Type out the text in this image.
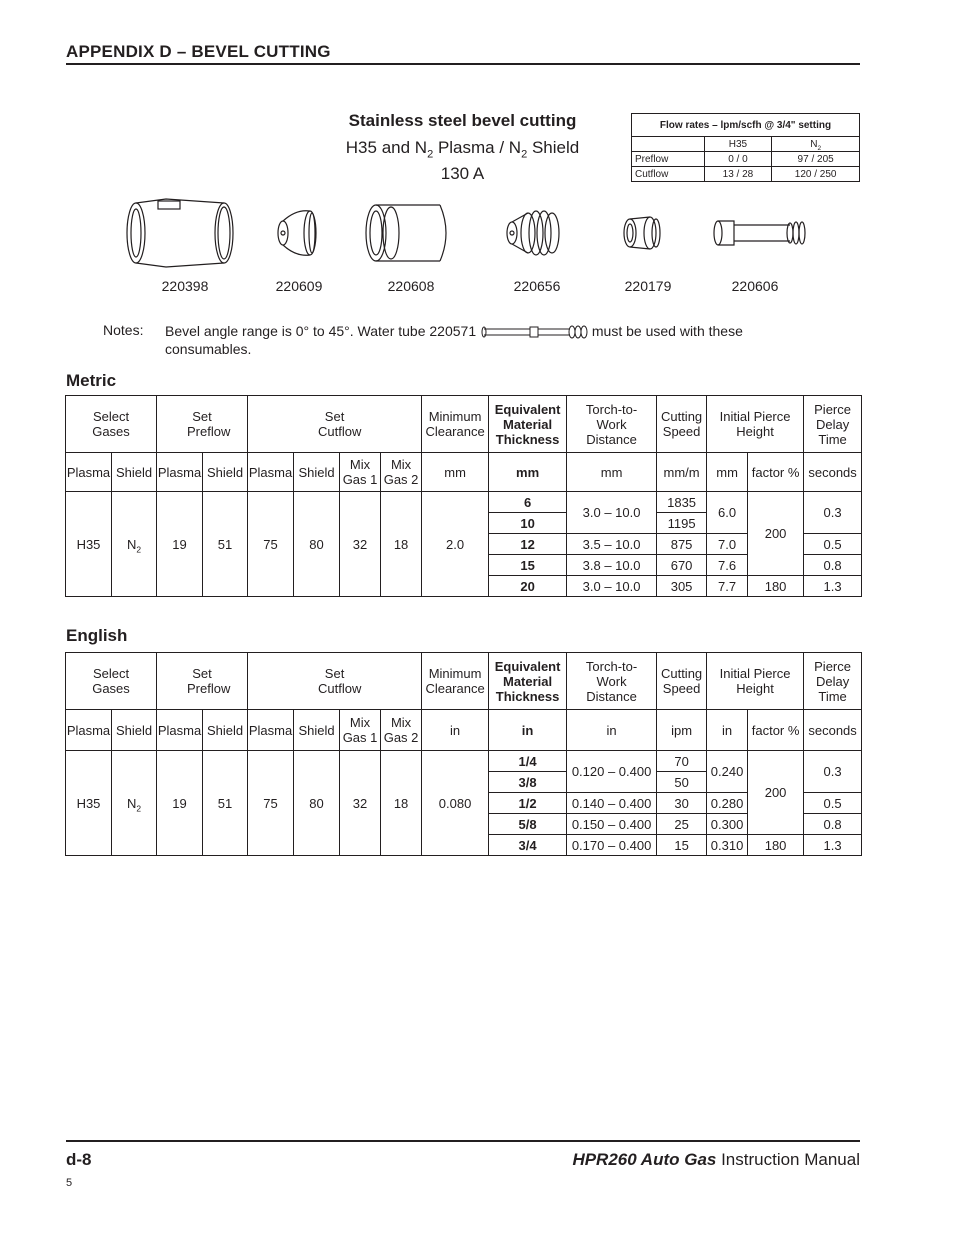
APPENDIX D – BEVEL CUTTING
Stainless steel bevel cutting
H35 and $N_2$ Plasma / $N_2$ Shield
130 A
Flow rates – lpm/scfh @ 3/4" setting		
	H35	$N_2$
Preflow	0 / 0	97 / 205
Cutflow	13 / 28	120 / 250
220398	220609	220608	220656	220179	220606
Notes: Bevel angle range is 0° to 45°. Water tube 220571	must be used with these consumables.
Metric
Select Gases		Set Preflow		Set Cutflow				Minimum Clearance	Equivalent Material Thickness	Torch-to-Work Distance	Cutting Speed	Initial Pierce Height		Pierce Delay Time
Plasma	Shield	Plasma	Shield	Plasma	Shield	Mix Gas 1	Mix Gas 2	mm	mm	mm	mm/m	mm	factor %	seconds
H35	$N_2$	19	51	75	80	32	18	2.0	6	3.0 – 10.0	1835	6.0	200	0.3
									10		1195			
									12	3.5 – 10.0	875	7.0		0.5
									15	3.8 – 10.0	670	7.6		0.8
									20	3.0 – 10.0	305	7.7	180	1.3
English
Select Gases		Set Preflow		Set Cutflow				Minimum Clearance	Equivalent Material Thickness	Torch-to-Work Distance	Cutting Speed	Initial Pierce Height		Pierce Delay Time
Plasma	Shield	Plasma	Shield	Plasma	Shield	Mix Gas 1	Mix Gas 2	in	in	in	ipm	in	factor %	seconds
H35	$N_2$	19	51	75	80	32	18	0.080	1/4	0.120 – 0.400	70	0.240	200	0.3
									3/8		50			
									1/2	0.140 – 0.400	30	0.280		0.5
									5/8	0.150 – 0.400	25	0.300		0.8
									3/4	0.170 – 0.400	15	0.310	180	1.3
d-8	HPR260 Auto Gas Instruction Manual
5
